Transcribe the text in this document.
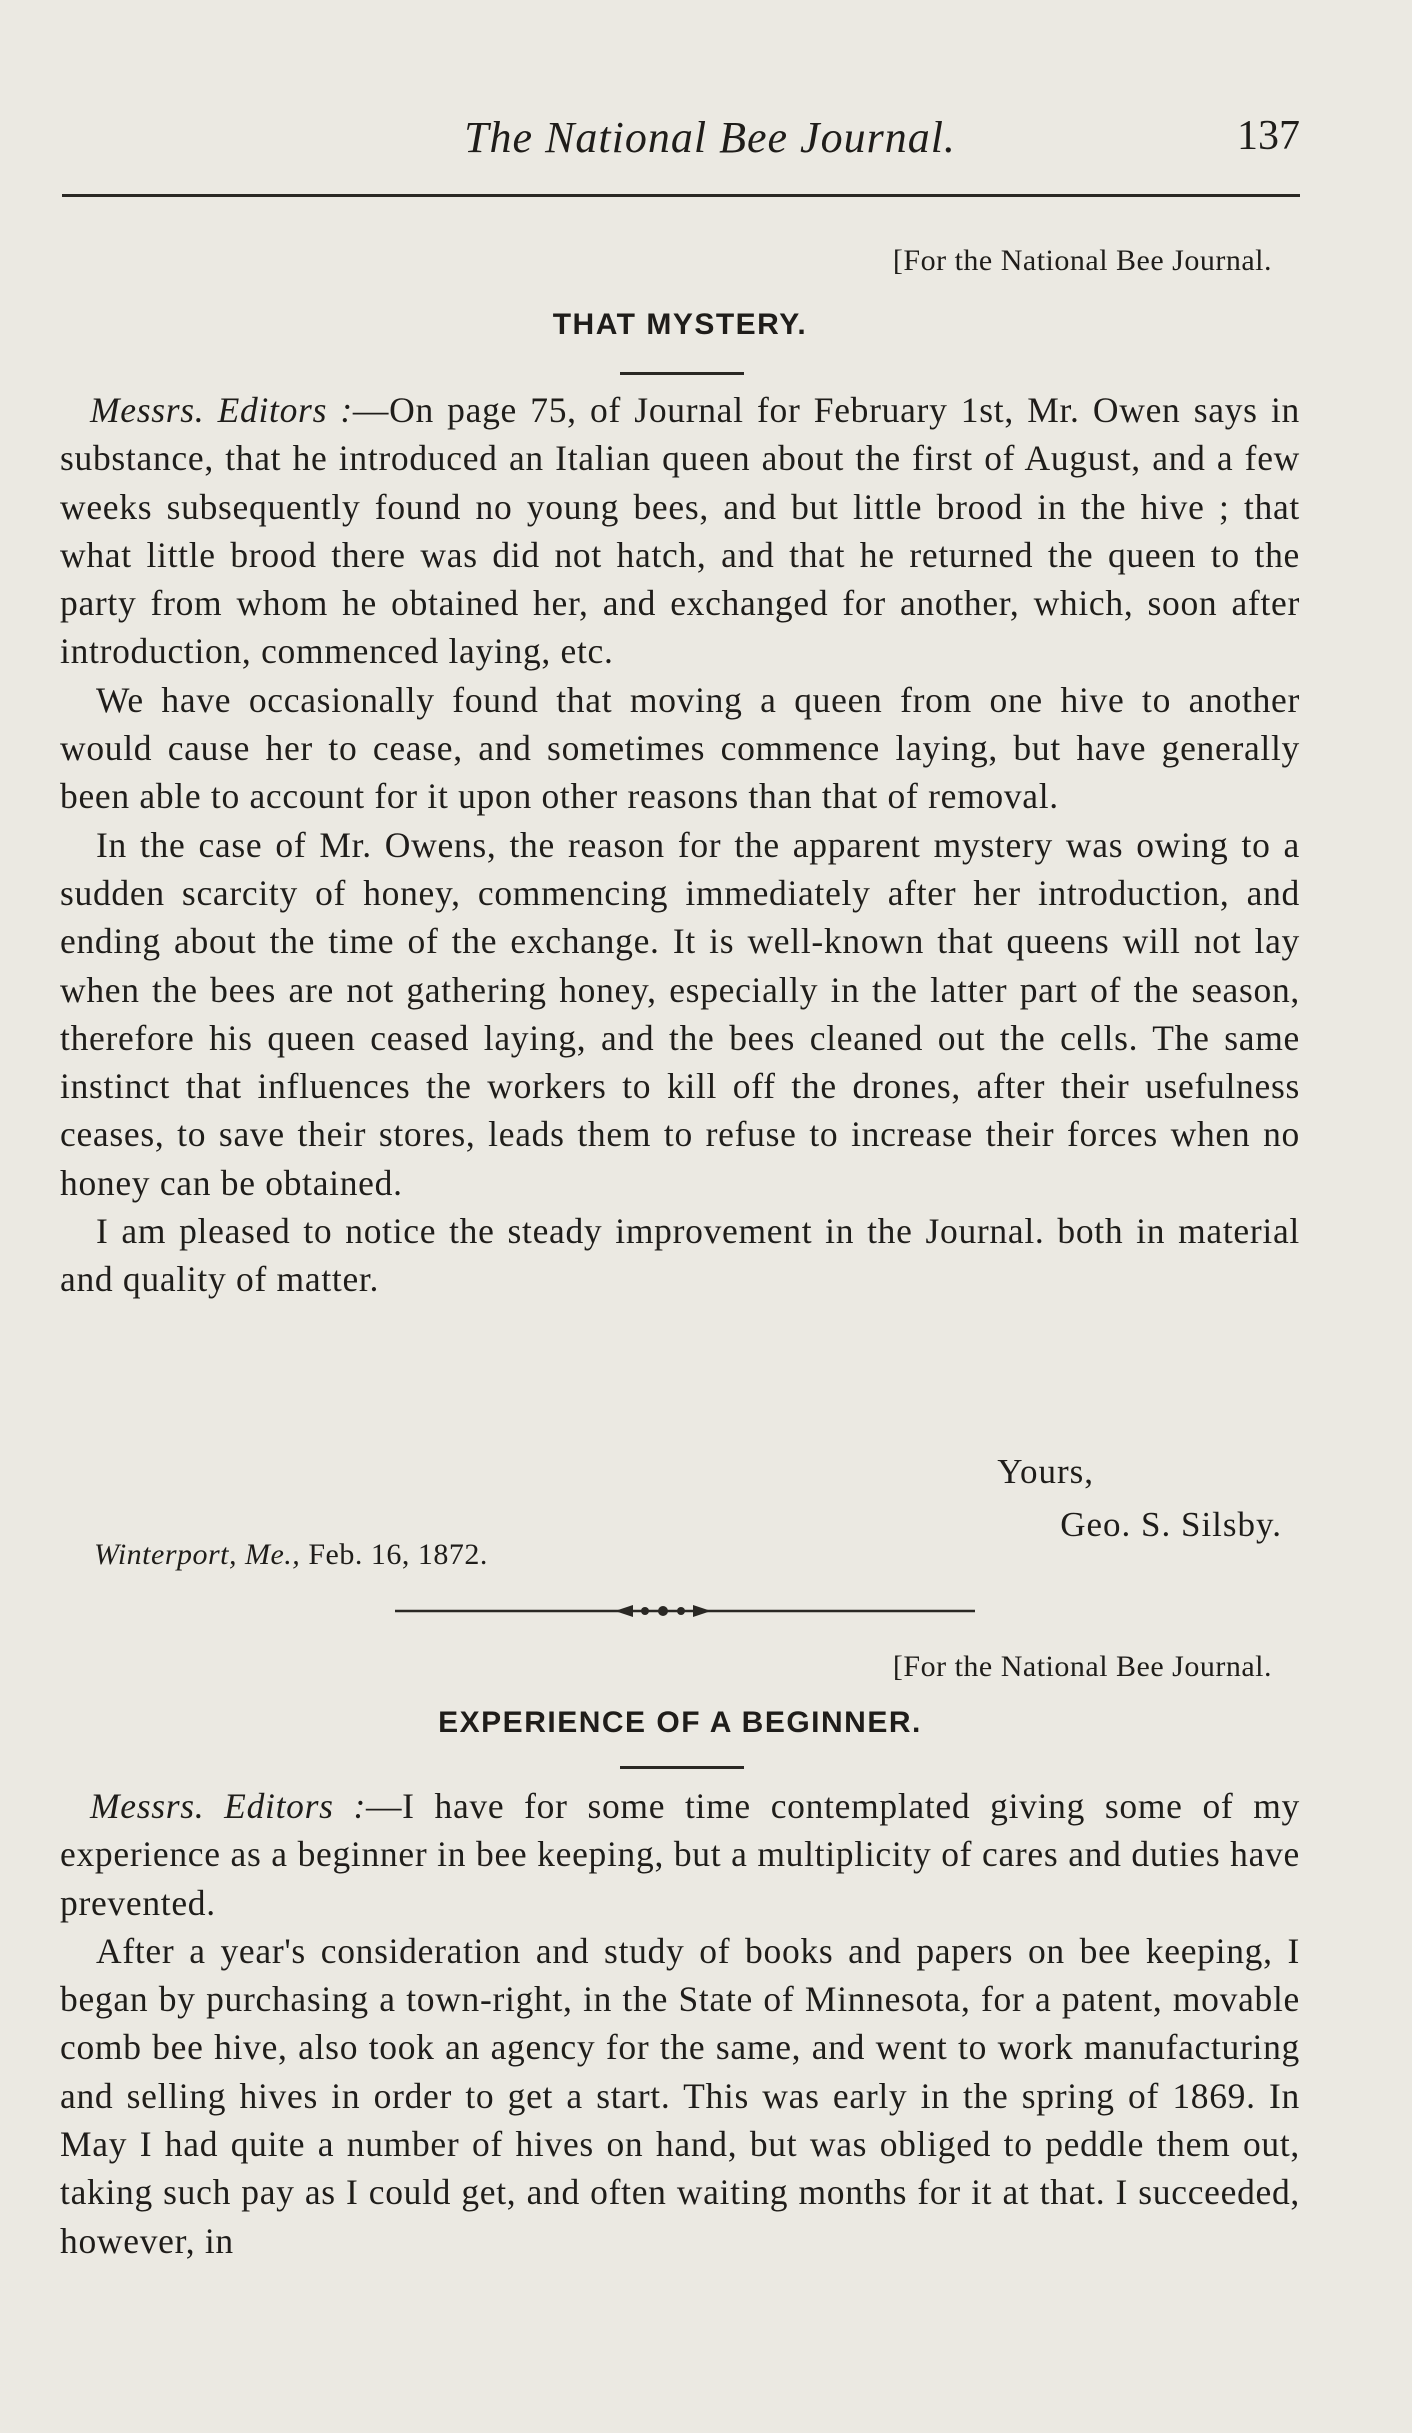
The National Bee Journal.	137
[For the National Bee Journal.
THAT MYSTERY.

Messrs. Editors :—On page 75, of Journal for February 1st, Mr. Owen says in substance, that he introduced an Italian queen about the first of August, and a few weeks subsequently found no young bees, and but little brood in the hive ; that what little brood there was did not hatch, and that he returned the queen to the party from whom he obtained her, and exchanged for another, which, soon after introduction, commenced laying, etc.

We have occasionally found that moving a queen from one hive to another would cause her to cease, and sometimes commence laying, but have generally been able to account for it upon other reasons than that of removal.

In the case of Mr. Owens, the reason for the apparent mystery was owing to a sudden scarcity of honey, commencing immediately after her introduction, and ending about the time of the exchange. It is well-known that queens will not lay when the bees are not gathering honey, especially in the latter part of the season, therefore his queen ceased laying, and the bees cleaned out the cells. The same instinct that influences the workers to kill off the drones, after their usefulness ceases, to save their stores, leads them to refuse to increase their forces when no honey can be obtained.

I am pleased to notice the steady improvement in the Journal. both in material and quality of matter.

Yours,
Geo. S. Silsby.
Winterport, Me., Feb. 16, 1872.
[For the National Bee Journal.
EXPERIENCE OF A BEGINNER.

Messrs. Editors :—I have for some time contemplated giving some of my experience as a beginner in bee keeping, but a multiplicity of cares and duties have prevented.

After a year's consideration and study of books and papers on bee keeping, I began by purchasing a town-right, in the State of Minnesota, for a patent, movable comb bee hive, also took an agency for the same, and went to work manufacturing and selling hives in order to get a start. This was early in the spring of 1869. In May I had quite a number of hives on hand, but was obliged to peddle them out, taking such pay as I could get, and often waiting months for it at that. I succeeded, however, in
